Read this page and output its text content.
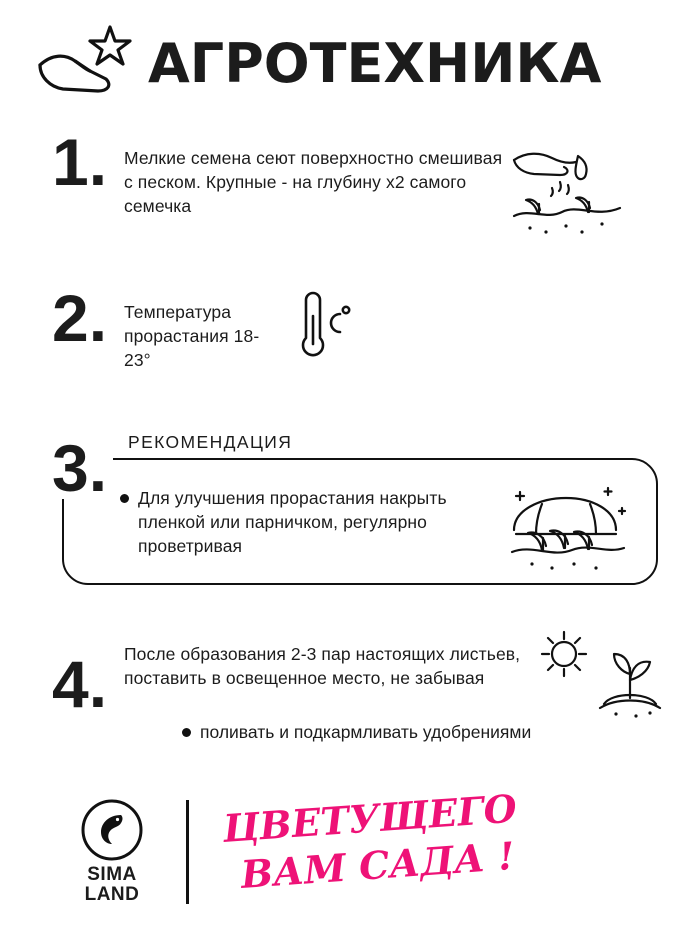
АГРОТЕХНИКА
1. Мелкие семена сеют поверхностно смешивая с песком. Крупные - на глубину х2 самого семечка
2. Температура прорастания 18-23°
РЕКОМЕНДАЦИЯ
3.	Для улучшения прорастания накрыть пленкой или парничком, регулярно проветривая
4. После образования 2-3 пар настоящих листьев, поставить в освещенное место, не забывая
поливать и подкармливать удобрениями
SIMA
LAND
ЦВЕТУЩЕГО
ВАМ САДА !
